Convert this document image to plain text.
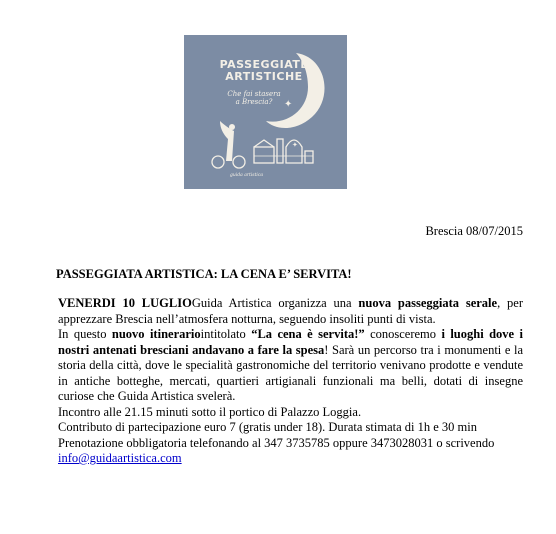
✦
✦
PASSEGGIATE
ARTISTICHE
Che fai stasera
a Brescia?
guida artistica
Brescia 08/07/2015
PASSEGGIATA ARTISTICA: LA CENA E’ SERVITA!

VENERDI 10 LUGLIOGuida Artistica organizza una nuova passeggiata serale, per apprezzare Brescia nell’atmosfera notturna, seguendo insoliti punti di vista.

In questo nuovo itinerariointitolato “La cena è servita!” conosceremo i luoghi dove i nostri antenati bresciani andavano a fare la spesa! Sarà un percorso tra i monumenti e la storia della città, dove le specialità gastronomiche del territorio venivano prodotte e vendute in antiche botteghe, mercati, quartieri artigianali funzionali ma belli, dotati di insegne curiose che Guida Artistica svelerà.

Incontro alle 21.15 minuti sotto il portico di Palazzo Loggia.

Contributo di partecipazione euro 7 (gratis under 18). Durata stimata di 1h e 30 min

Prenotazione obbligatoria telefonando al 347 3735785 oppure 3473028031 o scrivendo

info@guidaartistica.com
